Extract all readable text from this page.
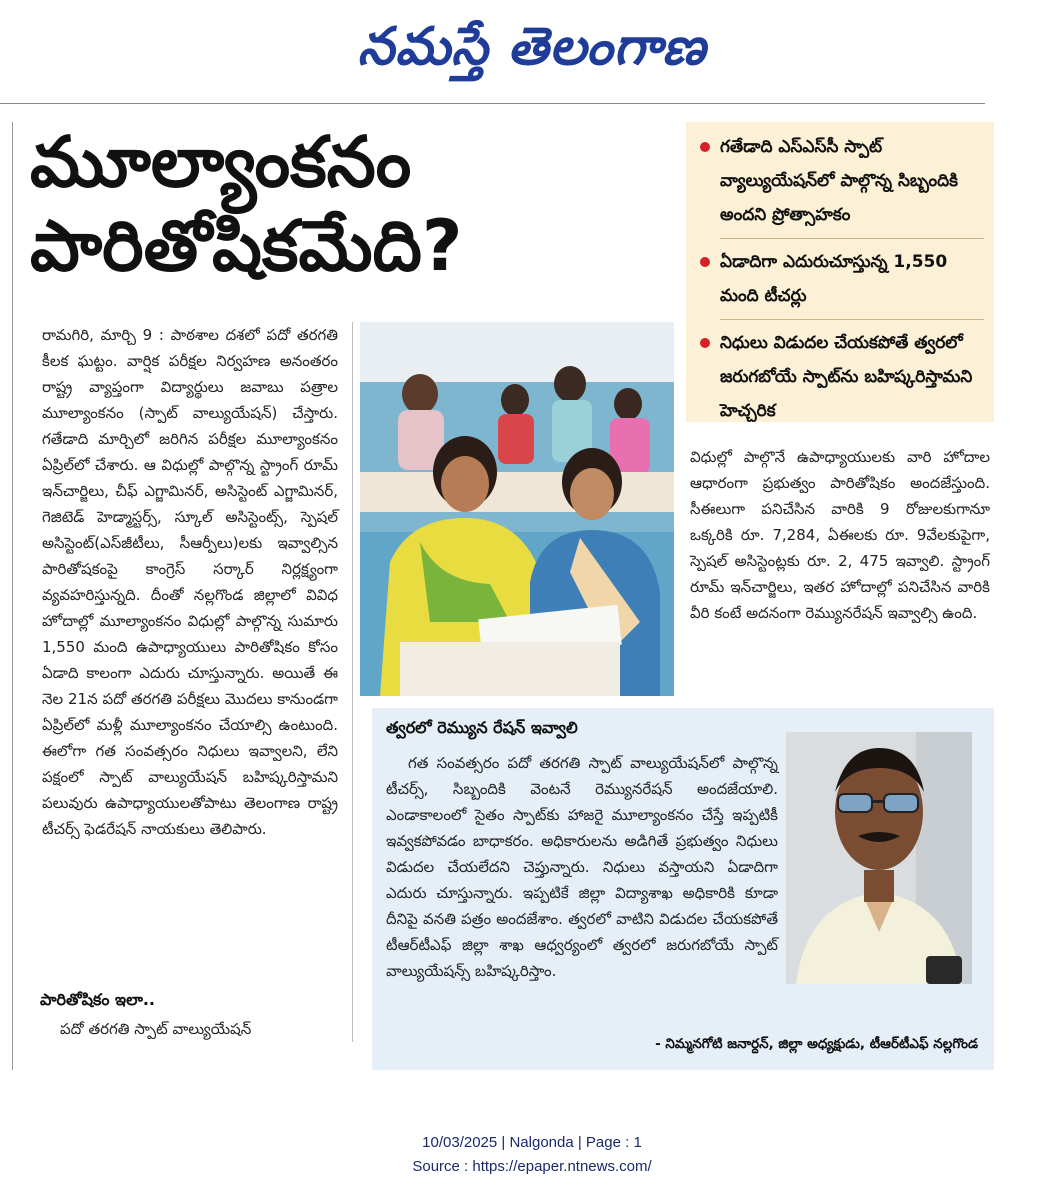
నమస్తే తెలంగాణ
మూల్యాంకనం
పారితోషికమేది?
గతేడాది ఎస్‌ఎస్‌సీ స్పాట్ వ్యాల్యుయేషన్‌లో పాల్గొన్న సిబ్బందికి అందని ప్రోత్సాహకం
ఏడాదిగా ఎదురుచూస్తున్న 1,550 మంది టీచర్లు
నిధులు విడుదల చేయకపోతే త్వరలో జరుగబోయే స్పాట్‌ను బహిష్కరిస్తామని హెచ్చరిక
రామగిరి, మార్చి 9 : పాఠశాల దశలో పదో తరగతి కీలక ఘట్టం. వార్షిక పరీక్షల నిర్వహణ అనంతరం రాష్ట్ర వ్యాప్తంగా విద్యార్థులు జవాబు పత్రాల మూల్యాంకనం (స్పాట్ వాల్యుయేషన్) చేస్తారు. గతేడాది మార్చిలో జరిగిన పరీక్షల మూల్యాంకనం ఏప్రిల్‌లో చేశారు. ఆ విధుల్లో పాల్గొన్న స్ట్రాంగ్ రూమ్ ఇన్‌చార్జిలు, చీఫ్ ఎగ్జామినర్, అసిస్టెంట్ ఎగ్జామినర్, గెజిటెడ్ హెడ్మాస్టర్స్, స్కూల్ అసిస్టెంట్స్, స్పెషల్ అసిస్టెంట్(ఎస్‌జీటీలు, సీఆర్పీలు)లకు ఇవ్వాల్సిన పారితోషకంపై కాంగ్రెస్ సర్కార్ నిర్లక్ష్యంగా వ్యవహరిస్తున్నది. దీంతో నల్లగొండ జిల్లాలో వివిధ హోదాల్లో మూల్యాంకనం విధుల్లో పాల్గొన్న సుమారు 1,550 మంది ఉపాధ్యాయులు పారితోషికం కోసం ఏడాది కాలంగా ఎదురు చూస్తున్నారు. అయితే ఈ నెల 21న పదో తరగతి పరీక్షలు మొదలు కానుండగా ఏప్రిల్‌లో మళ్లీ మూల్యాంకనం చేయాల్సి ఉంటుంది. ఈలోగా గత సంవత్సరం నిధులు ఇవ్వాలని, లేని పక్షంలో స్పాట్ వాల్యుయేషన్ బహిష్కరిస్తామని పలువురు ఉపాధ్యాయులతోపాటు తెలంగాణ రాష్ట్ర టీచర్స్ ఫెడరేషన్ నాయకులు తెలిపారు.
పారితోషికం ఇలా..
పదో తరగతి స్పాట్ వాల్యుయేషన్
విధుల్లో పాల్గొనే ఉపాధ్యాయులకు వారి హోదాల ఆధారంగా ప్రభుత్వం పారితోషికం అందజేస్తుంది. సీఈలుగా పనిచేసిన వారికి 9 రోజులకుగానూ ఒక్కరికి రూ. 7,284, ఏఈలకు రూ. 9వేలకుపైగా, స్పెషల్ అసిస్టెంట్లకు రూ. 2, 475 ఇవ్వాలి. స్ట్రాంగ్ రూమ్ ఇన్‌చార్జిలు, ఇతర హోదాల్లో పనిచేసిన వారికి వీరి కంటే అదనంగా రెమ్యునరేషన్ ఇవ్వాల్సి ఉంది.
త్వరలో రెమ్యున రేషన్ ఇవ్వాలి
గత సంవత్సరం పదో తరగతి స్పాట్ వాల్యుయేషన్‌లో పాల్గొన్న టీచర్స్, సిబ్బందికి వెంటనే రెమ్యునరేషన్ అందజేయాలి. ఎండాకాలంలో సైతం స్పాట్‌కు హాజరై మూల్యాంకనం చేస్తే ఇప్పటికీ ఇవ్వకపోవడం బాధాకరం. అధికారులను అడిగితే ప్రభుత్వం నిధులు విడుదల చేయలేదని చెప్తున్నారు. నిధులు వస్తాయని ఏడాదిగా ఎదురు చూస్తున్నారు. ఇప్పటికే జిల్లా విద్యాశాఖ అధికారికి కూడా దీనిపై వనతి పత్రం అందజేశాం. త్వరలో వాటిని విడుదల చేయకపోతే టీఆర్‌టీఎఫ్ జిల్లా శాఖ ఆధ్వర్యంలో త్వరలో జరుగబోయే స్పాట్ వాల్యుయేషన్స్ బహిష్కరిస్తాం.
- నిమ్మనగోటి జనార్దన్, జిల్లా అధ్యక్షుడు, టీఆర్‌టీఎఫ్ నల్లగొండ
10/03/2025 | Nalgonda | Page : 1
Source : https://epaper.ntnews.com/
